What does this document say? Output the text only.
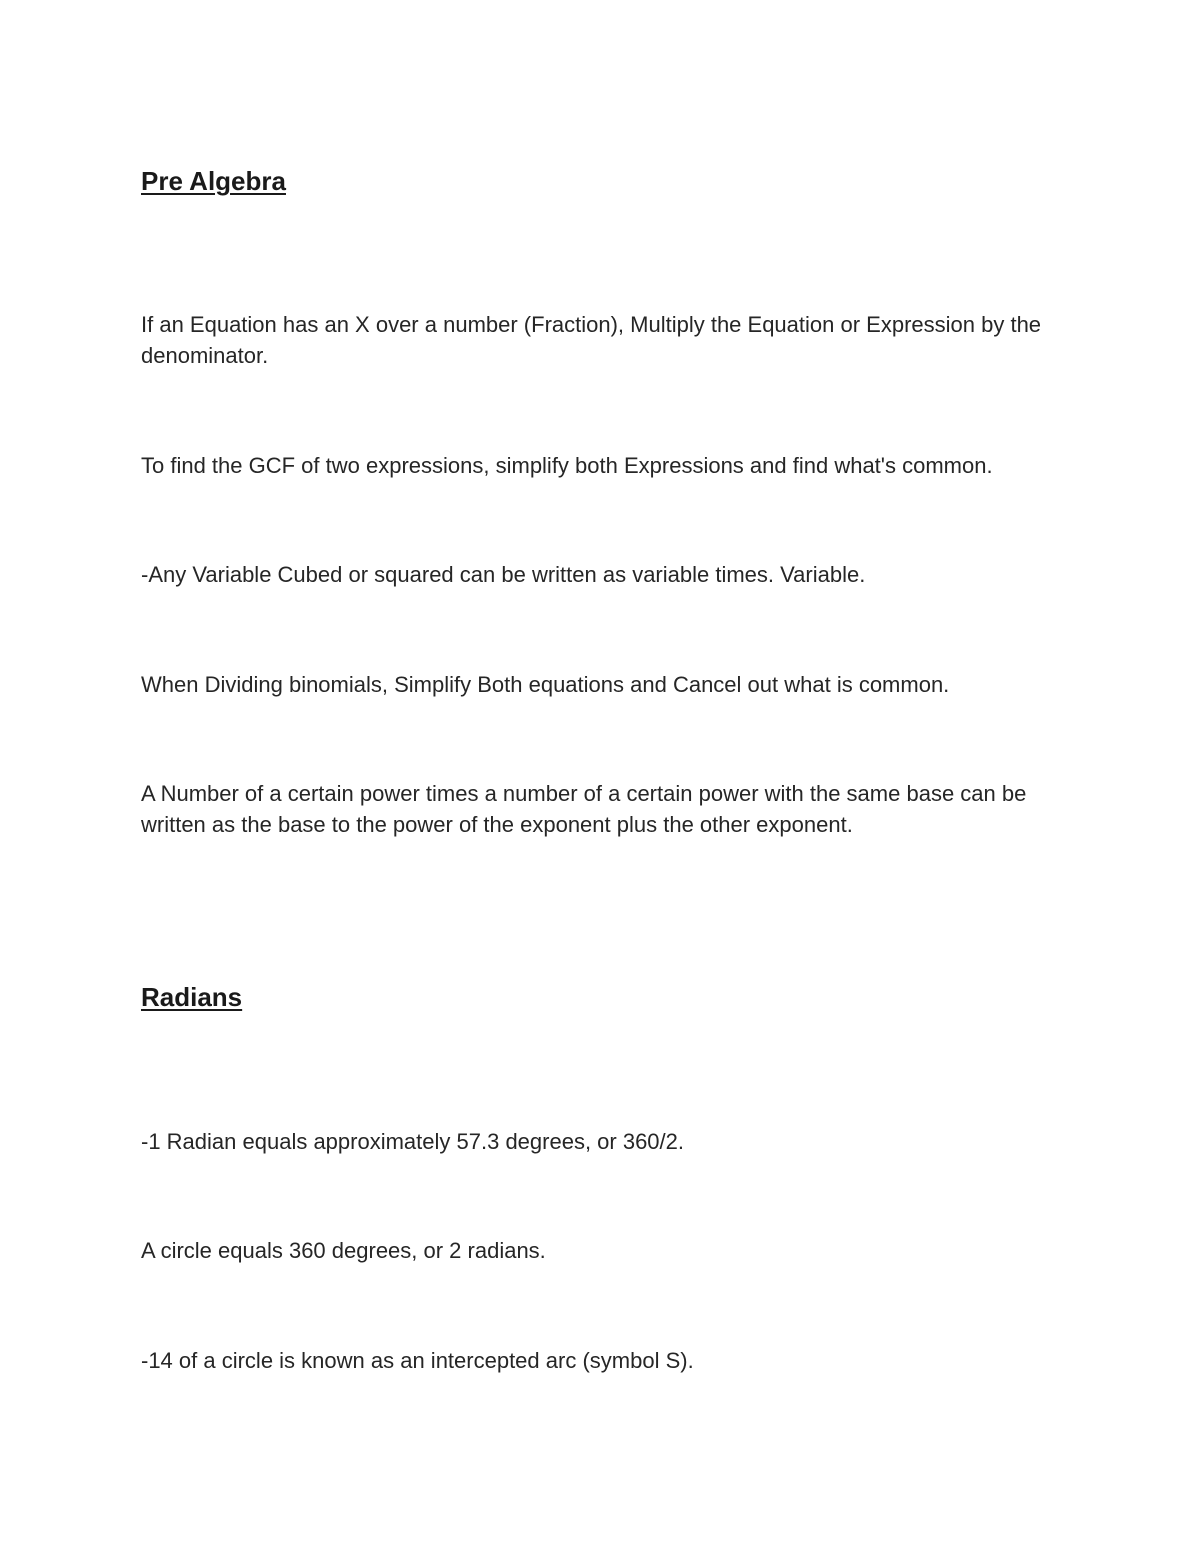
Pre Algebra

If an Equation has an X over a number (Fraction), Multiply the Equation or Expression by the denominator.

To find the GCF of two expressions, simplify both Expressions and find what's common.

-Any Variable Cubed or squared can be written as variable times. Variable.

When Dividing binomials, Simplify Both equations and Cancel out what is common.

A Number of a certain power times a number of a certain power with the same base can be written as the base to the power of the exponent plus the other exponent.

Radians

-1 Radian equals approximately 57.3 degrees, or 360/2.

A circle equals 360 degrees, or 2 radians.

-14 of a circle is known as an intercepted arc (symbol S).
